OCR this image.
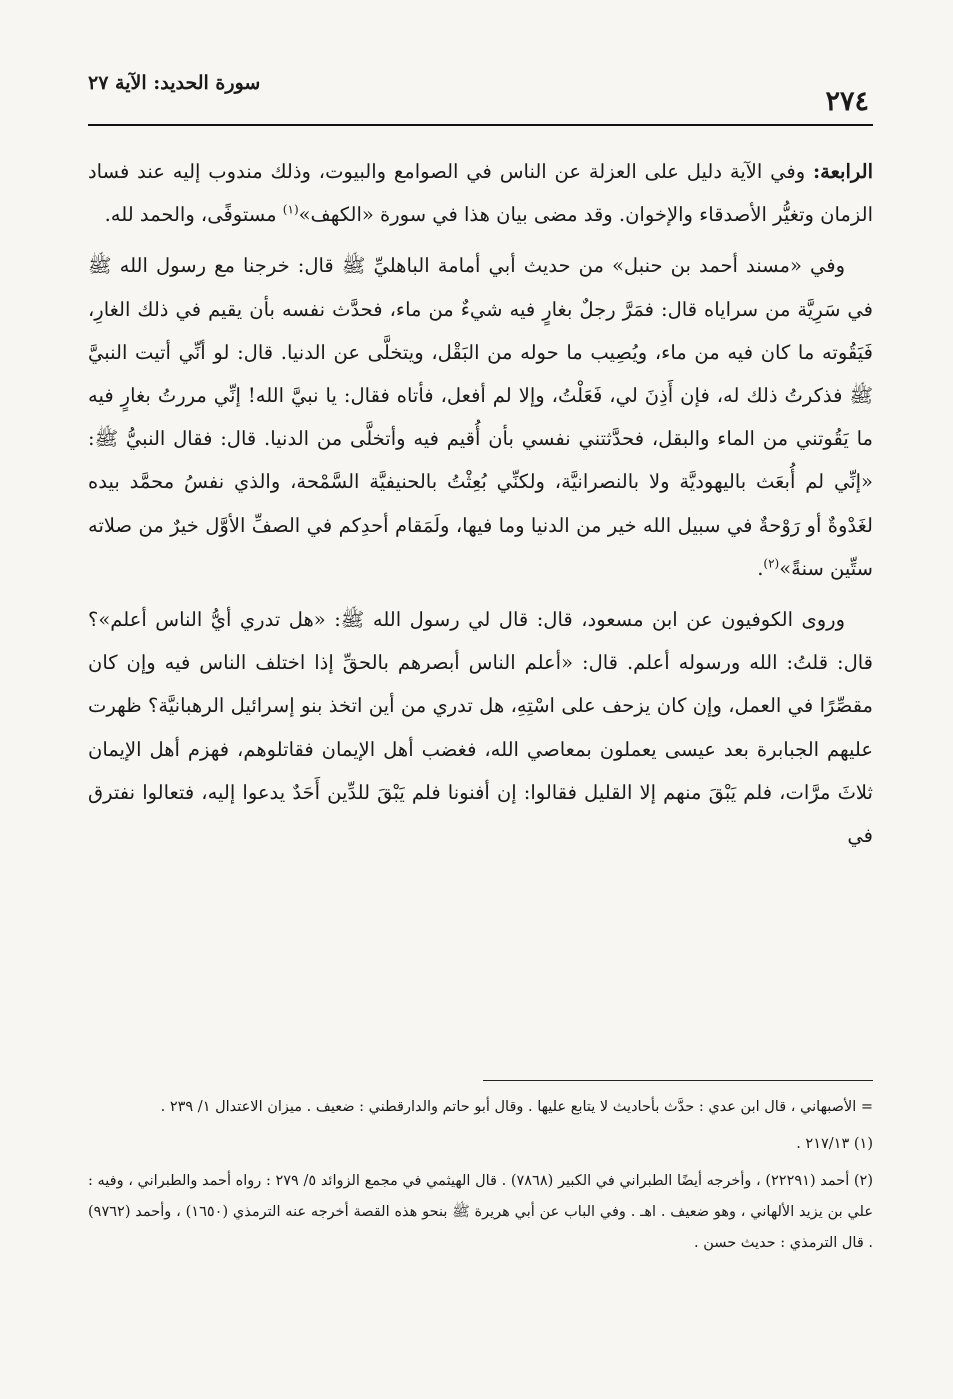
سورة الحديد: الآية ٢٧
٢٧٤

الرابعة: وفي الآية دليل على العزلة عن الناس في الصوامع والبيوت، وذلك مندوب إليه عند فساد الزمان وتغيُّر الأصدقاء والإخوان. وقد مضى بيان هذا في سورة «الكهف»$^{(١)}$ مستوفًى، والحمد لله.

وفي «مسند أحمد بن حنبل» من حديث أبي أمامة الباهليِّ ﷺ قال: خرجنا مع رسول الله ﷺ في سَرِيَّة من سراياه قال: فمَرَّ رجلٌ بغارٍ فيه شيءٌ من ماء، فحدَّث نفسه بأن يقيم في ذلك الغارِ، فَيَقُوته ما كان فيه من ماء، ويُصِيب ما حوله من البَقْل، ويتخلَّى عن الدنيا. قال: لو أنِّي أتيت النبيَّ ﷺ فذكرتُ ذلك له، فإن أَذِنَ لي، فَعَلْتُ، وإلا لم أفعل، فأتاه فقال: يا نبيَّ الله! إنِّي مررتُ بغارٍ فيه ما يَقُوتني من الماء والبقل، فحدَّثتني نفسي بأن أُقيم فيه وأتخلَّى من الدنيا. قال: فقال النبيُّ ﷺ: «إنِّي لم أُبعَث باليهوديَّة ولا بالنصرانيَّة، ولكنِّي بُعِثْتُ بالحنيفيَّة السَّمْحة، والذي نفسُ محمَّد بيده لغَدْوةٌ أو رَوْحةٌ في سبيل الله خير من الدنيا وما فيها، ولَمَقام أحدِكم في الصفِّ الأوَّل خيرٌ من صلاته ستِّين سنةً»$^{(٢)}$.

وروى الكوفيون عن ابن مسعود، قال: قال لي رسول الله ﷺ: «هل تدري أيُّ الناس أعلم»؟ قال: قلتُ: الله ورسوله أعلم. قال: «أعلم الناس أبصرهم بالحقِّ إذا اختلف الناس فيه وإن كان مقصِّرًا في العمل، وإن كان يزحف على اسْتِهِ، هل تدري من أين اتخذ بنو إسرائيل الرهبانيَّة؟ ظهرت عليهم الجبابرة بعد عيسى يعملون بمعاصي الله، فغضب أهل الإيمان فقاتلوهم، فهزم أهل الإيمان ثلاثَ مرَّات، فلم يَبْقَ منهم إلا القليل فقالوا: إن أفنونا فلم يَبْقَ للدِّين أَحَدٌ يدعوا إليه، فتعالوا نفترق في

= الأصبهاني ، قال ابن عدي : حدَّث بأحاديث لا يتابع عليها . وقال أبو حاتم والدارقطني : ضعيف . ميزان الاعتدال ١/ ٢٣٩ .

(١) ٢١٧/١٣ .

(٢) أحمد (٢٢٢٩١) ، وأخرجه أيضًا الطبراني في الكبير (٧٨٦٨) . قال الهيثمي في مجمع الزوائد ٥/ ٢٧٩ : رواه أحمد والطبراني ، وفيه : علي بن يزيد الألهاني ، وهو ضعيف . اهـ . وفي الباب عن أبي هريرة ﷺ بنحو هذه القصة أخرجه عنه الترمذي (١٦٥٠) ، وأحمد (٩٧٦٢) . قال الترمذي : حديث حسن .
